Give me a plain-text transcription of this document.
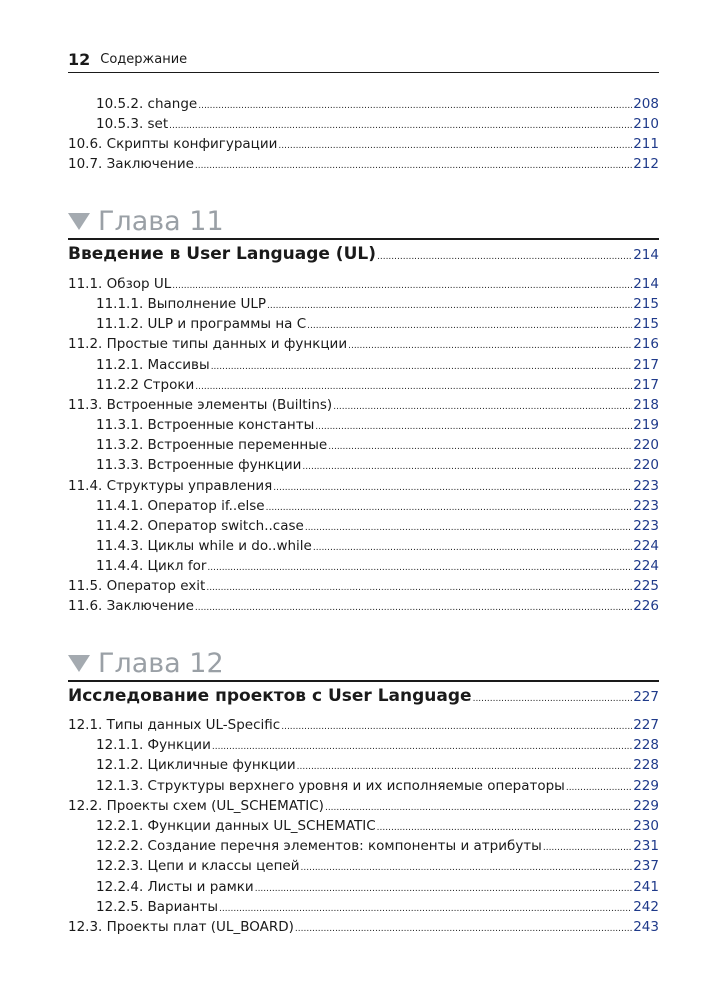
12 Содержание
10.5.2. change .....	208
10.5.3. set .....	210
10.6. Скрипты конфигурации .....	211
10.7. Заключение .....	212
Глава 11
Введение в User Language (UL) .....	214
11.1. Обзор UL .....	214
11.1.1. Выполнение ULP .....	215
11.1.2. ULP и программы на C .....	215
11.2. Простые типы данных и функции .....	216
11.2.1. Массивы .....	217
11.2.2 Строки .....	217
11.3. Встроенные элементы (Builtins) .....	218
11.3.1. Встроенные константы .....	219
11.3.2. Встроенные переменные .....	220
11.3.3. Встроенные функции .....	220
11.4. Структуры управления .....	223
11.4.1. Оператор if..else .....	223
11.4.2. Оператор switch..case .....	223
11.4.3. Циклы while и do..while .....	224
11.4.4. Цикл for .....	224
11.5. Оператор exit .....	225
11.6. Заключение .....	226
Глава 12
Исследование проектов с User Language .....	227
12.1. Типы данных UL-Specific .....	227
12.1.1. Функции .....	228
12.1.2. Цикличные функции .....	228
12.1.3. Структуры верхнего уровня и их исполняемые операторы .....	229
12.2. Проекты схем (UL_SCHEMATIC) .....	229
12.2.1. Функции данных UL_SCHEMATIC .....	230
12.2.2. Создание перечня элементов: компоненты и атрибуты .....	231
12.2.3. Цепи и классы цепей .....	237
12.2.4. Листы и рамки .....	241
12.2.5. Варианты .....	242
12.3. Проекты плат (UL_BOARD) .....	243
